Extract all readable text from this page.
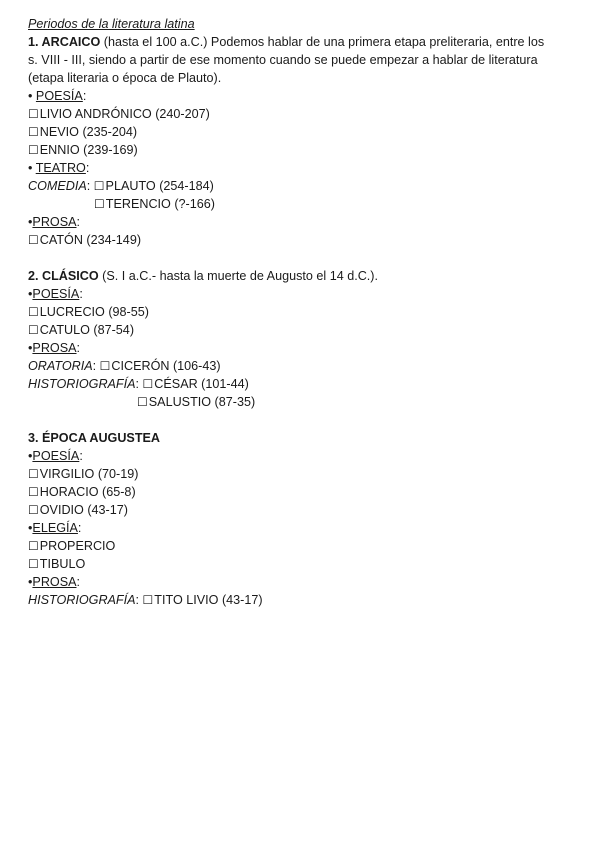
Periodos de la literatura latina
1. ARCAICO (hasta el 100 a.C.) Podemos hablar de una primera etapa preliteraria, entre los
s. VIII - III, siendo a partir de ese momento cuando se puede empezar a hablar de literatura
(etapa literaria o época de Plauto).
• POESÍA:
☐LIVIO ANDRÓNICO (240-207)
☐NEVIO (235-204)
☐ENNIO (239-169)
• TEATRO:
COMEDIA: ☐PLAUTO (254-184)
☐TERENCIO (?-166)
•PROSA:
☐CATÓN (234-149)
2. CLÁSICO (S. I a.C.- hasta la muerte de Augusto el 14 d.C.).
•POESÍA:
☐LUCRECIO (98-55)
☐CATULO (87-54)
•PROSA:
ORATORIA: ☐CICERÓN (106-43)
HISTORIOGRAFÍA: ☐CÉSAR (101-44)
☐SALUSTIO (87-35)
3. ÉPOCA AUGUSTEA
•POESÍA:
☐VIRGILIO (70-19)
☐HORACIO (65-8)
☐OVIDIO (43-17)
•ELEGÍA:
☐PROPERCIO
☐TIBULO
•PROSA:
HISTORIOGRAFÍA: ☐TITO LIVIO (43-17)
